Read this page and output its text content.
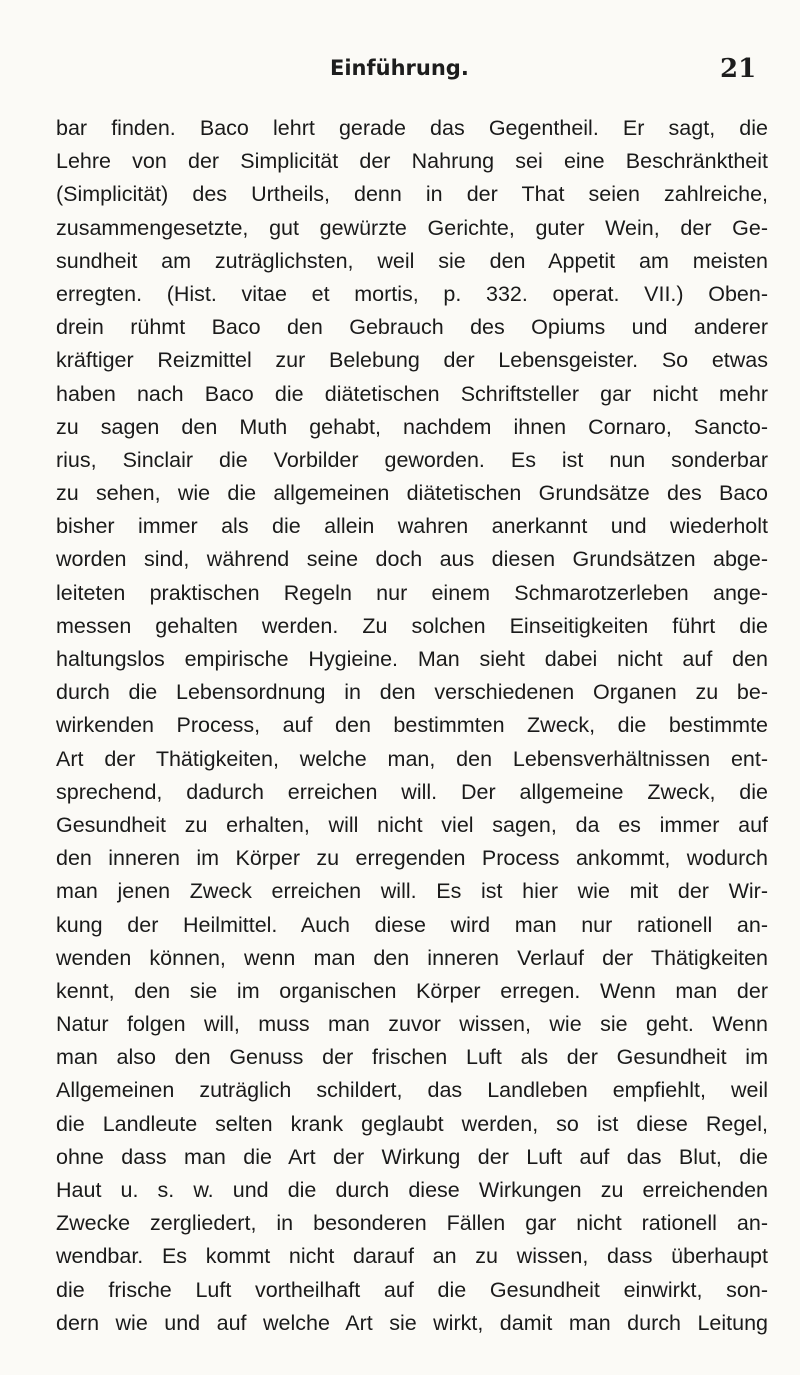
Einführung.	21
bar finden. Baco lehrt gerade das Gegentheil. Er sagt, die
Lehre von der Simplicität der Nahrung sei eine Beschränktheit
(Simplicität) des Urtheils, denn in der That seien zahlreiche,
zusammengesetzte, gut gewürzte Gerichte, guter Wein, der Ge-
sundheit am zuträglichsten, weil sie den Appetit am meisten
erregten. (Hist. vitae et mortis, p. 332. operat. VII.) Oben-
drein rühmt Baco den Gebrauch des Opiums und anderer
kräftiger Reizmittel zur Belebung der Lebensgeister. So etwas
haben nach Baco die diätetischen Schriftsteller gar nicht mehr
zu sagen den Muth gehabt, nachdem ihnen Cornaro, Sancto-
rius, Sinclair die Vorbilder geworden. Es ist nun sonderbar
zu sehen, wie die allgemeinen diätetischen Grundsätze des Baco
bisher immer als die allein wahren anerkannt und wiederholt
worden sind, während seine doch aus diesen Grundsätzen abge-
leiteten praktischen Regeln nur einem Schmarotzerleben ange-
messen gehalten werden. Zu solchen Einseitigkeiten führt die
haltungslos empirische Hygieine. Man sieht dabei nicht auf den
durch die Lebensordnung in den verschiedenen Organen zu be-
wirkenden Process, auf den bestimmten Zweck, die bestimmte
Art der Thätigkeiten, welche man, den Lebensverhältnissen ent-
sprechend, dadurch erreichen will. Der allgemeine Zweck, die
Gesundheit zu erhalten, will nicht viel sagen, da es immer auf
den inneren im Körper zu erregenden Process ankommt, wodurch
man jenen Zweck erreichen will. Es ist hier wie mit der Wir-
kung der Heilmittel. Auch diese wird man nur rationell an-
wenden können, wenn man den inneren Verlauf der Thätigkeiten
kennt, den sie im organischen Körper erregen. Wenn man der
Natur folgen will, muss man zuvor wissen, wie sie geht. Wenn
man also den Genuss der frischen Luft als der Gesundheit im
Allgemeinen zuträglich schildert, das Landleben empfiehlt, weil
die Landleute selten krank geglaubt werden, so ist diese Regel,
ohne dass man die Art der Wirkung der Luft auf das Blut, die
Haut u. s. w. und die durch diese Wirkungen zu erreichenden
Zwecke zergliedert, in besonderen Fällen gar nicht rationell an-
wendbar. Es kommt nicht darauf an zu wissen, dass überhaupt
die frische Luft vortheilhaft auf die Gesundheit einwirkt, son-
dern wie und auf welche Art sie wirkt, damit man durch Leitung
